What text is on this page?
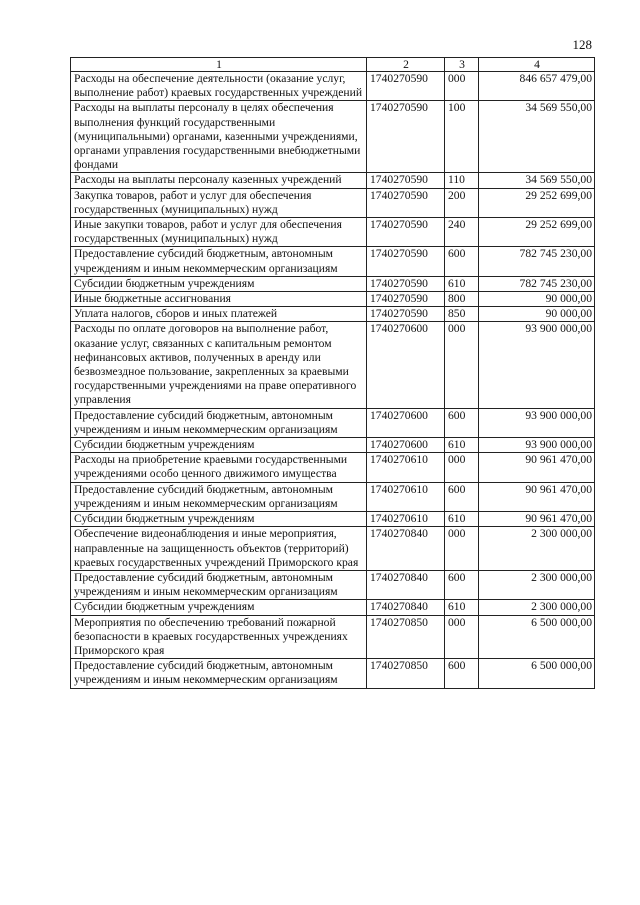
128
1	2	3	4
Расходы на обеспечение деятельности (оказание услуг, выполнение работ) краевых государственных учреждений	1740270590	000	846 657 479,00
Расходы на выплаты персоналу в целях обеспечения выполнения функций государственными (муниципальными) органами, казенными учреждениями, органами управления государственными внебюджетными фондами	1740270590	100	34 569 550,00
Расходы на выплаты персоналу казенных учреждений	1740270590	110	34 569 550,00
Закупка товаров, работ и услуг для обеспечения государственных (муниципальных) нужд	1740270590	200	29 252 699,00
Иные закупки товаров, работ и услуг для обеспечения государственных (муниципальных) нужд	1740270590	240	29 252 699,00
Предоставление субсидий бюджетным, автономным учреждениям и иным некоммерческим организациям	1740270590	600	782 745 230,00
Субсидии бюджетным учреждениям	1740270590	610	782 745 230,00
Иные бюджетные ассигнования	1740270590	800	90 000,00
Уплата налогов, сборов и иных платежей	1740270590	850	90 000,00
Расходы по оплате договоров на выполнение работ, оказание услуг, связанных с капитальным ремонтом нефинансовых активов, полученных в аренду или безвозмездное пользование, закрепленных за краевыми государственными учреждениями на праве оперативного управления	1740270600	000	93 900 000,00
Предоставление субсидий бюджетным, автономным учреждениям и иным некоммерческим организациям	1740270600	600	93 900 000,00
Субсидии бюджетным учреждениям	1740270600	610	93 900 000,00
Расходы на приобретение краевыми государственными учреждениями особо ценного движимого имущества	1740270610	000	90 961 470,00
Предоставление субсидий бюджетным, автономным учреждениям и иным некоммерческим организациям	1740270610	600	90 961 470,00
Субсидии бюджетным учреждениям	1740270610	610	90 961 470,00
Обеспечение видеонаблюдения и иные мероприятия, направленные на защищенность объектов (территорий) краевых государственных учреждений Приморского края	1740270840	000	2 300 000,00
Предоставление субсидий бюджетным, автономным учреждениям и иным некоммерческим организациям	1740270840	600	2 300 000,00
Субсидии бюджетным учреждениям	1740270840	610	2 300 000,00
Мероприятия по обеспечению требований пожарной безопасности в краевых государственных учреждениях Приморского края	1740270850	000	6 500 000,00
Предоставление субсидий бюджетным, автономным учреждениям и иным некоммерческим организациям	1740270850	600	6 500 000,00
